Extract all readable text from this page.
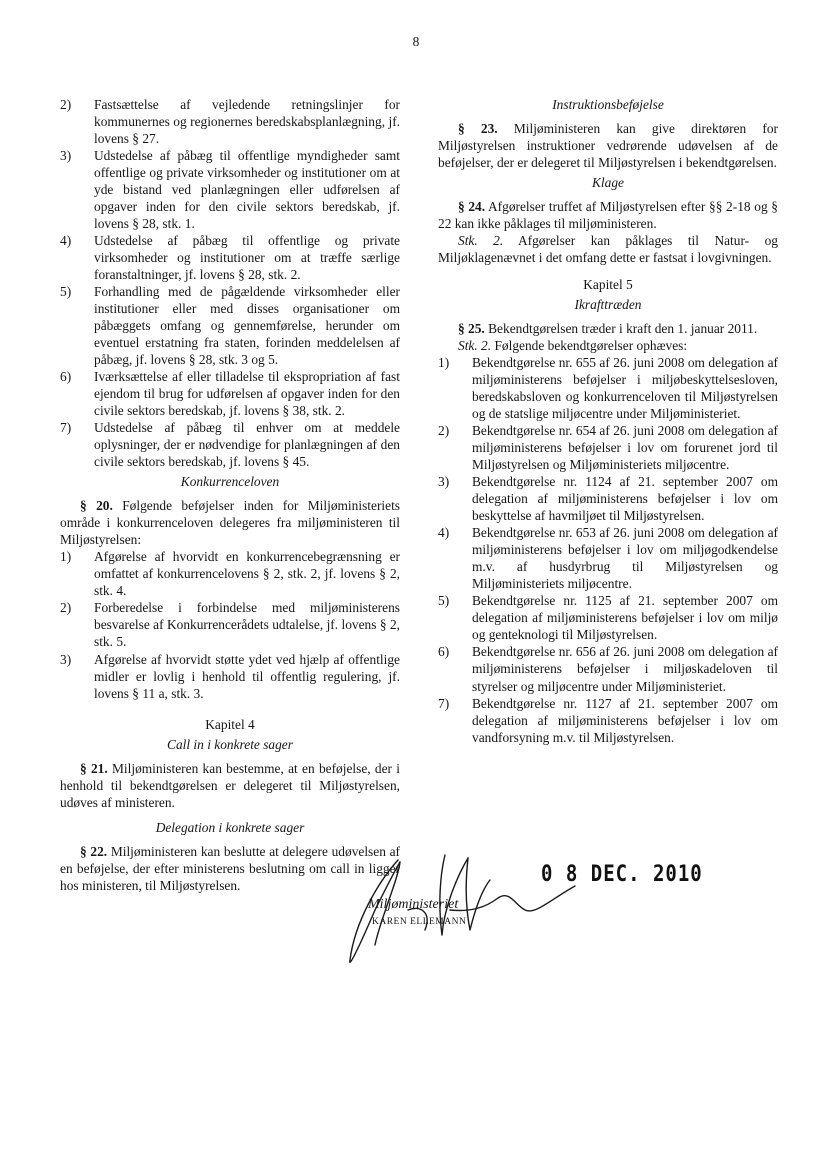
8
2)	Fastsættelse af vejledende retningslinjer for kommunernes og regionernes beredskabsplanlægning, jf. lovens § 27.
3)	Udstedelse af påbæg til offentlige myndigheder samt offentlige og private virksomheder og institutioner om at yde bistand ved planlægningen eller udførelsen af opgaver inden for den civile sektors beredskab, jf. lovens § 28, stk. 1.
4)	Udstedelse af påbæg til offentlige og private virksomheder og institutioner om at træffe særlige foranstaltninger, jf. lovens § 28, stk. 2.
5)	Forhandling med de pågældende virksomheder eller institutioner eller med disses organisationer om påbæggets omfang og gennemførelse, herunder om eventuel erstatning fra staten, forinden meddelelsen af påbæg, jf. lovens § 28, stk. 3 og 5.
6)	Iværksættelse af eller tilladelse til ekspropriation af fast ejendom til brug for udførelsen af opgaver inden for den civile sektors beredskab, jf. lovens § 38, stk. 2.
7)	Udstedelse af påbæg til enhver om at meddele oplysninger, der er nødvendige for planlægningen af den civile sektors beredskab, jf. lovens § 45.
Konkurrenceloven

§ 20. Følgende beføjelser inden for Miljøministeriets område i konkurrenceloven delegeres fra miljøministeren til Miljøstyrelsen:

1)	Afgørelse af hvorvidt en konkurrencebegrænsning er omfattet af konkurrencelovens § 2, stk. 2, jf. lovens § 2, stk. 4.
2)	Forberedelse i forbindelse med miljøministerens besvarelse af Konkurrencerådets udtalelse, jf. lovens § 2, stk. 5.
3)	Afgørelse af hvorvidt støtte ydet ved hjælp af offentlige midler er lovlig i henhold til offentlig regulering, jf. lovens § 11 a, stk. 3.
Kapitel 4
Call in i konkrete sager

§ 21. Miljøministeren kan bestemme, at en beføjelse, der i henhold til bekendtgørelsen er delegeret til Miljøstyrelsen, udøves af ministeren.

Delegation i konkrete sager

§ 22. Miljøministeren kan beslutte at delegere udøvelsen af en beføjelse, der efter ministerens beslutning om call in ligger hos ministeren, til Miljøstyrelsen.

Instruktionsbeføjelse

§ 23. Miljøministeren kan give direktøren for Miljøstyrelsen instruktioner vedrørende udøvelsen af de beføjelser, der er delegeret til Miljøstyrelsen i bekendtgørelsen.

Klage

§ 24. Afgørelser truffet af Miljøstyrelsen efter §§ 2-18 og § 22 kan ikke påklages til miljøministeren.

Stk. 2. Afgørelser kan påklages til Natur- og Miljøklagenævnet i det omfang dette er fastsat i lovgivningen.

Kapitel 5
Ikrafttræden

§ 25. Bekendtgørelsen træder i kraft den 1. januar 2011.

Stk. 2. Følgende bekendtgørelser ophæves:

1)	Bekendtgørelse nr. 655 af 26. juni 2008 om delegation af miljøministerens beføjelser i miljøbeskyttelsesloven, beredskabsloven og konkurrenceloven til Miljøstyrelsen og de statslige miljøcentre under Miljøministeriet.
2)	Bekendtgørelse nr. 654 af 26. juni 2008 om delegation af miljøministerens beføjelser i lov om forurenet jord til Miljøstyrelsen og Miljøministeriets miljøcentre.
3)	Bekendtgørelse nr. 1124 af 21. september 2007 om delegation af miljøministerens beføjelser i lov om beskyttelse af havmiljøet til Miljøstyrelsen.
4)	Bekendtgørelse nr. 653 af 26. juni 2008 om delegation af miljøministerens beføjelser i lov om miljøgodkendelse m.v. af husdyrbrug til Miljøstyrelsen og Miljøministeriets miljøcentre.
5)	Bekendtgørelse nr. 1125 af 21. september 2007 om delegation af miljøministerens beføjelser i lov om miljø og genteknologi til Miljøstyrelsen.
6)	Bekendtgørelse nr. 656 af 26. juni 2008 om delegation af miljøministerens beføjelser i miljøskadeloven til styrelser og miljøcentre under Miljøministeriet.
7)	Bekendtgørelse nr. 1127 af 21. september 2007 om delegation af miljøministerens beføjelser i lov om vandforsyning m.v. til Miljøstyrelsen.
0 8 DEC. 2010
Miljøministeriet
KAREN ELLEMANN
